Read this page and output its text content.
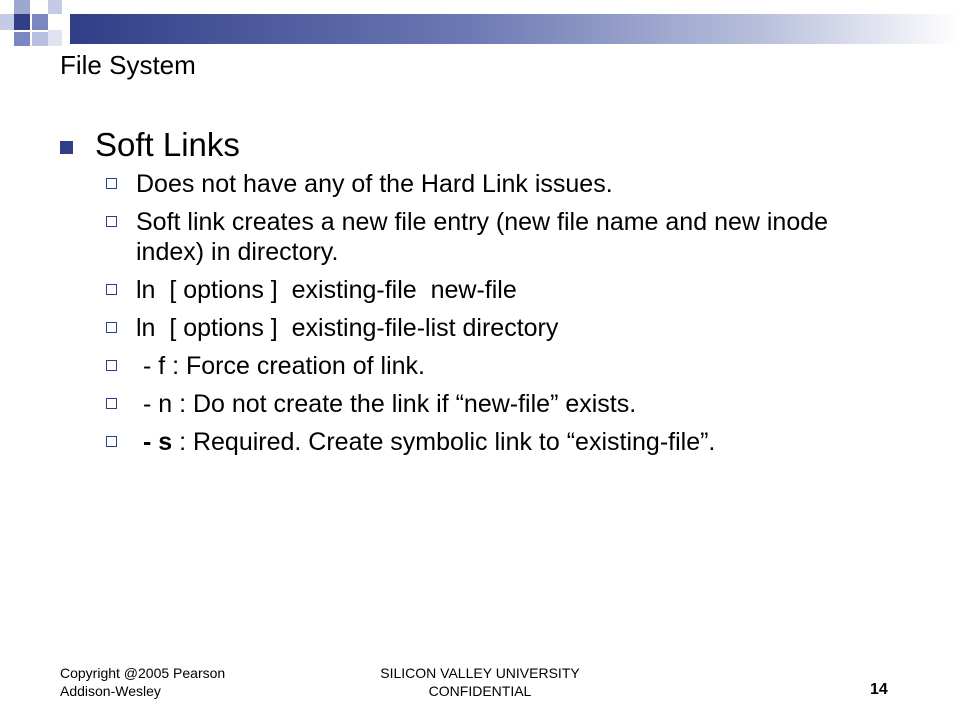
File System
Soft Links
Does not have any of the Hard Link issues.
Soft link creates a new file entry (new file name and new inode index) in directory.
ln  [ options ]  existing-file  new-file
ln  [ options ]  existing-file-list directory
- f : Force creation of link.
- n : Do not create the link if “new-file” exists.
- s : Required. Create symbolic link to “existing-file”.
Copyright @2005 Pearson Addison-Wesley
SILICON VALLEY UNIVERSITY CONFIDENTIAL	14
